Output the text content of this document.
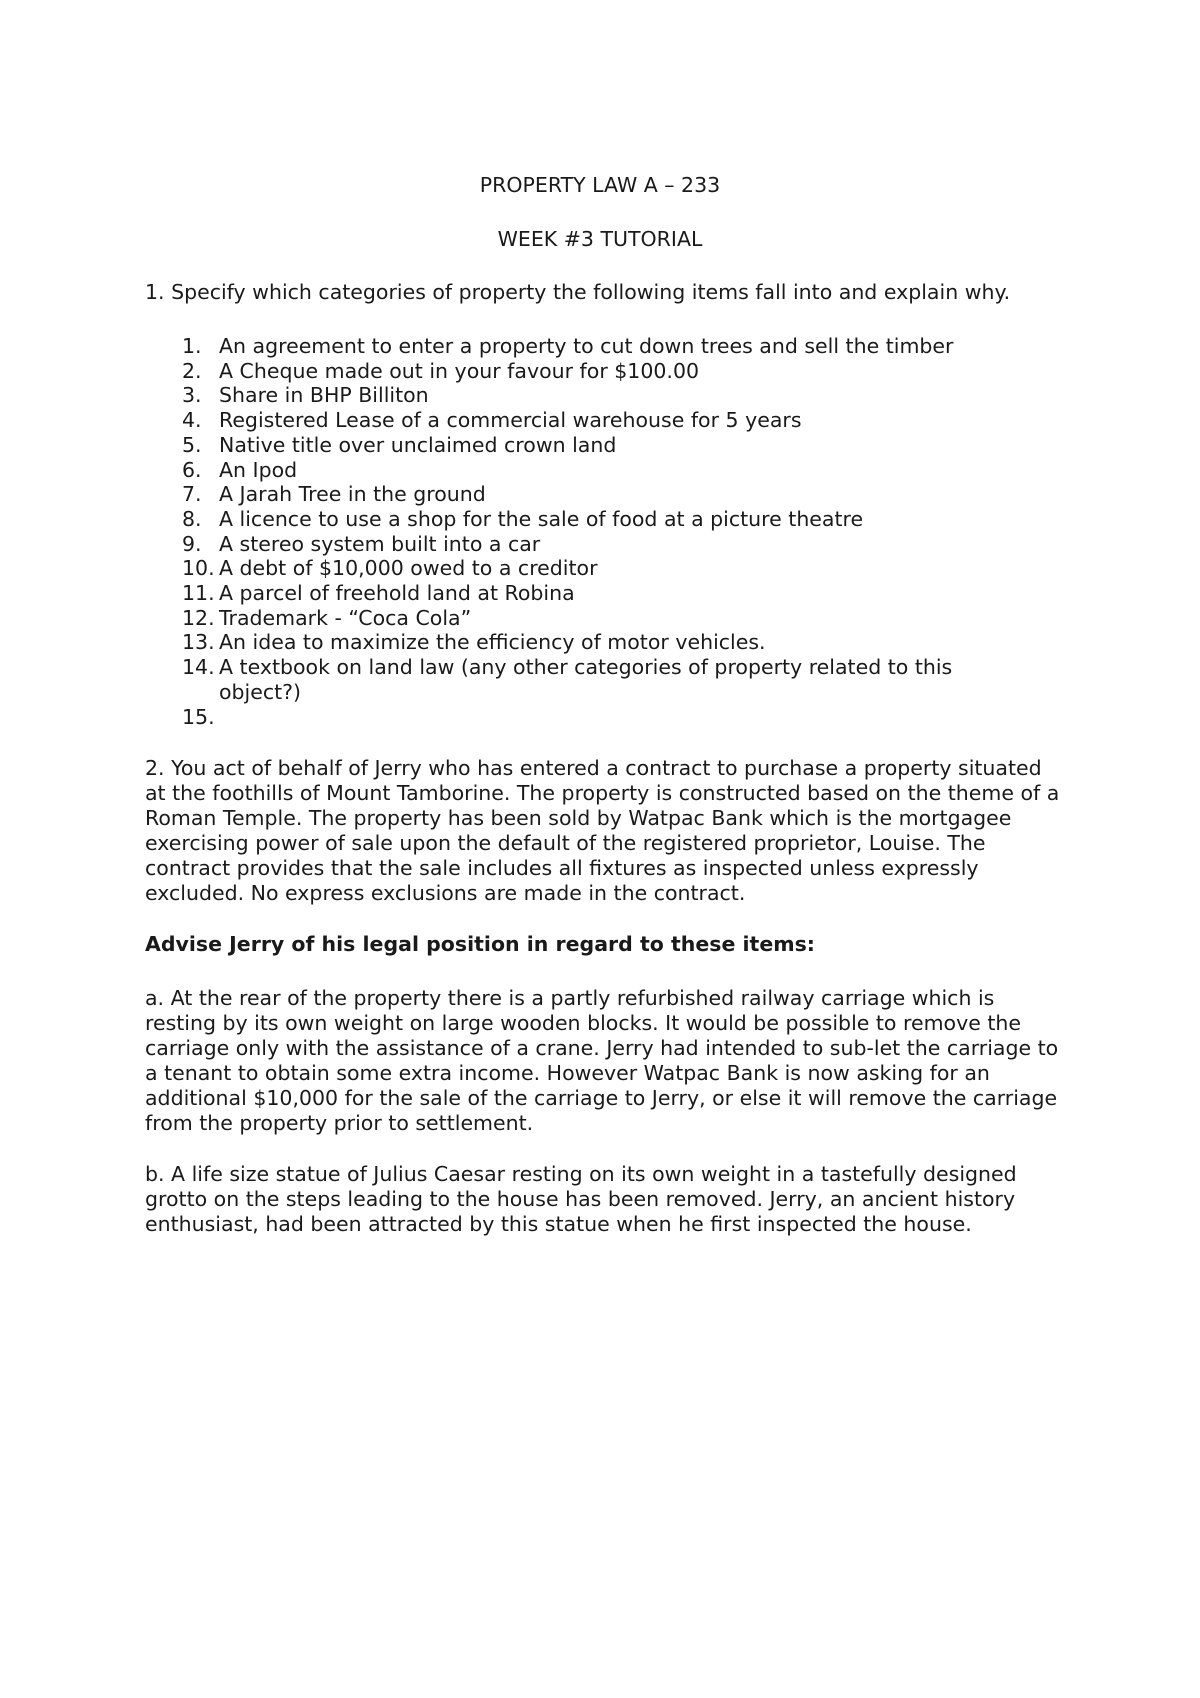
PROPERTY LAW A – 233
WEEK #3 TUTORIAL

1. Specify which categories of property the following items fall into and explain why.

1. An agreement to enter a property to cut down trees and sell the timber
2. A Cheque made out in your favour for $100.00
3. Share in BHP Billiton
4. Registered Lease of a commercial warehouse for 5 years
5. Native title over unclaimed crown land
6. An Ipod
7. A Jarah Tree in the ground
8. A licence to use a shop for the sale of food at a picture theatre
9. A stereo system built into a car
10. A debt of $10,000 owed to a creditor
11. A parcel of freehold land at Robina
12. Trademark - “Coca Cola”
13. An idea to maximize the efficiency of motor vehicles.
14. A textbook on land law (any other categories of property related to this object?)
15.

2. You act of behalf of Jerry who has entered a contract to purchase a property situated at the foothills of Mount Tamborine. The property is constructed based on the theme of a Roman Temple. The property has been sold by Watpac Bank which is the mortgagee exercising power of sale upon the default of the registered proprietor, Louise. The contract provides that the sale includes all fixtures as inspected unless expressly excluded. No express exclusions are made in the contract.

Advise Jerry of his legal position in regard to these items:

a. At the rear of the property there is a partly refurbished railway carriage which is resting by its own weight on large wooden blocks. It would be possible to remove the carriage only with the assistance of a crane. Jerry had intended to sub-let the carriage to a tenant to obtain some extra income. However Watpac Bank is now asking for an additional $10,000 for the sale of the carriage to Jerry, or else it will remove the carriage from the property prior to settlement.

b. A life size statue of Julius Caesar resting on its own weight in a tastefully designed grotto on the steps leading to the house has been removed. Jerry, an ancient history enthusiast, had been attracted by this statue when he first inspected the house.
